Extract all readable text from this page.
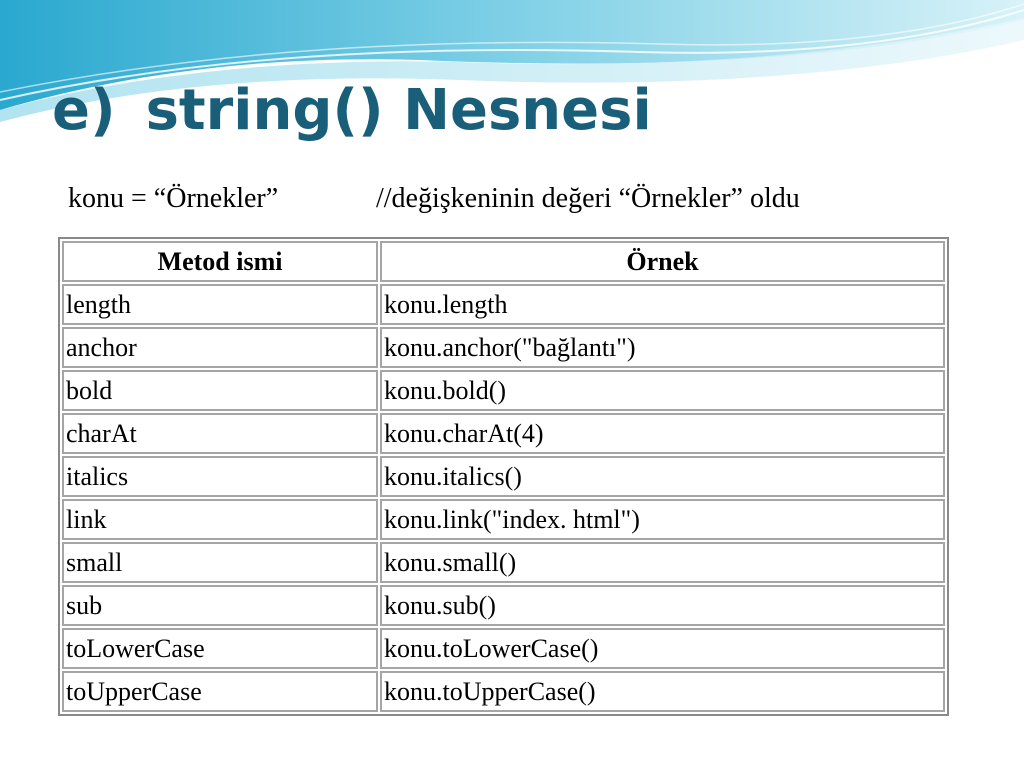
e) string() Nesnesi
konu = “Örnekler”	//değişkeninin değeri “Örnekler” oldu
Metod ismi	Örnek
length	konu.length
anchor	konu.anchor("bağlantı")
bold	konu.bold()
charAt	konu.charAt(4)
italics	konu.italics()
link	konu.link("index. html")
small	konu.small()
sub	konu.sub()
toLowerCase	konu.toLowerCase()
toUpperCase	konu.toUpperCase()
